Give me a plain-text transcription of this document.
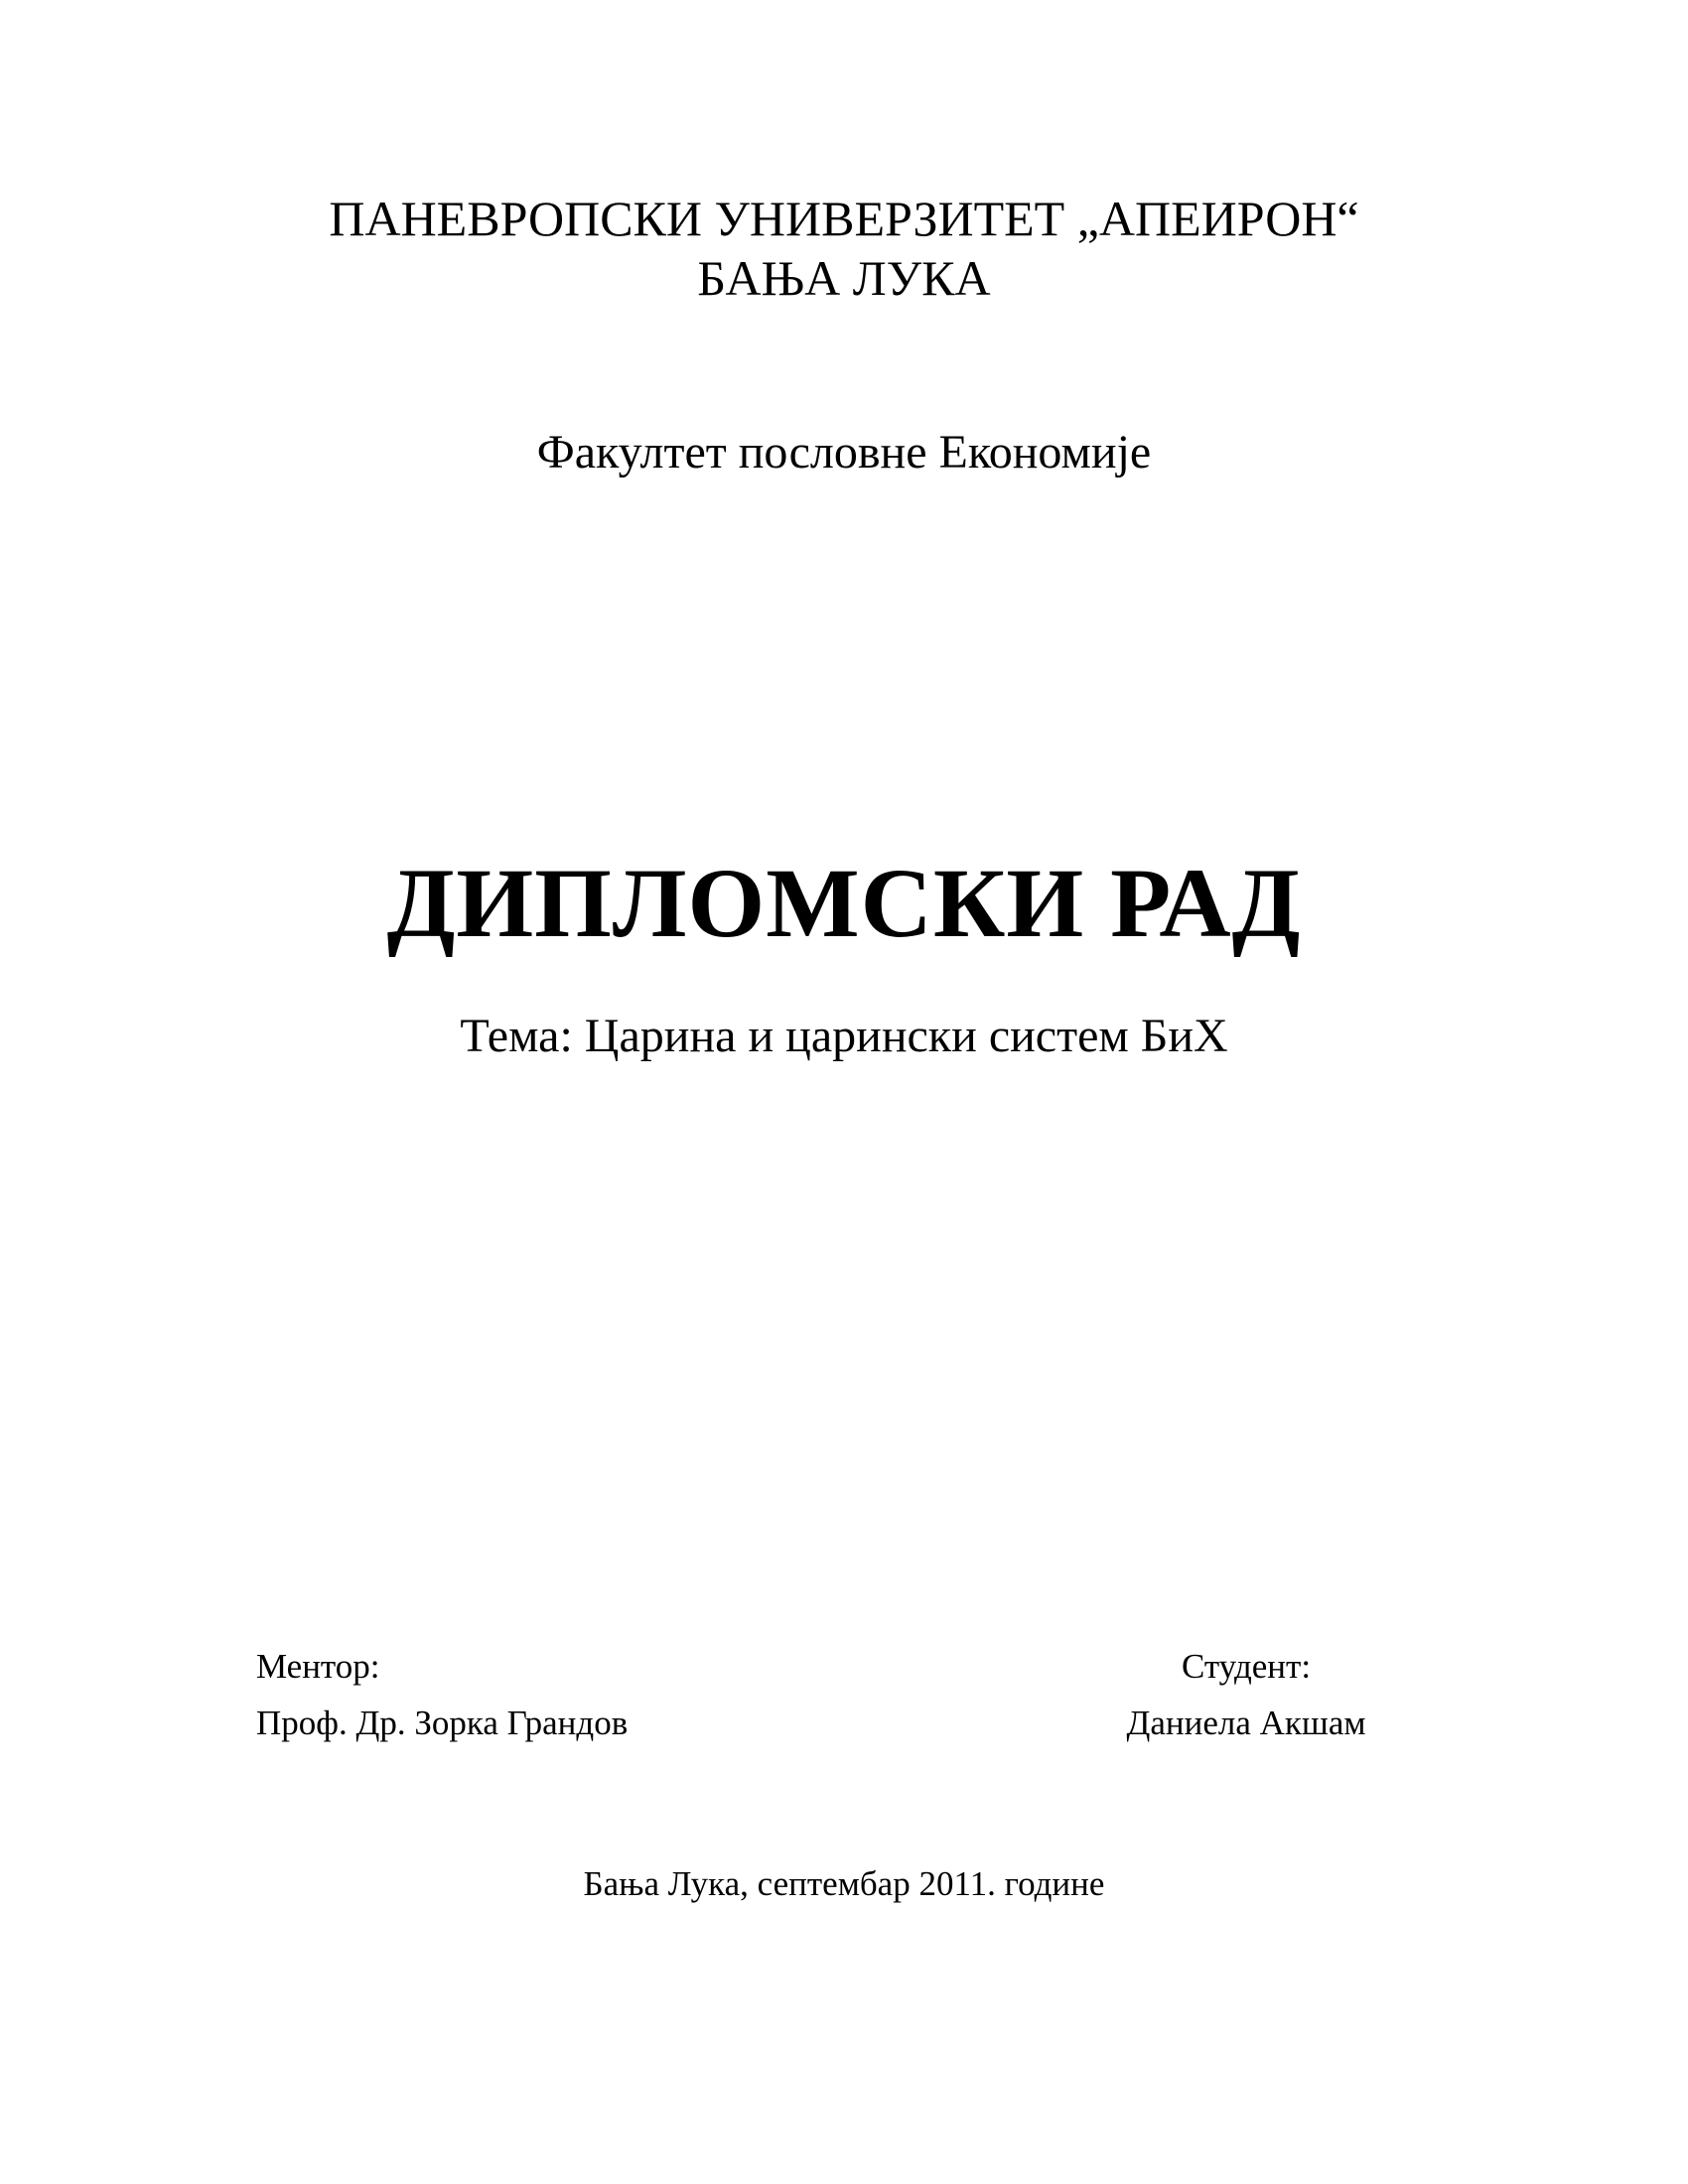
ПАНЕВРОПСКИ УНИВЕРЗИТЕТ „АПЕИРОН“
БАЊА ЛУКА
Факултет пословне Економије
ДИПЛОМСКИ РАД
Тема: Царина и царински систем БиХ
Ментор:
Проф. Др. Зорка Грандов
Студент:
Даниела Акшам
Бања Лука, септембар 2011. године
